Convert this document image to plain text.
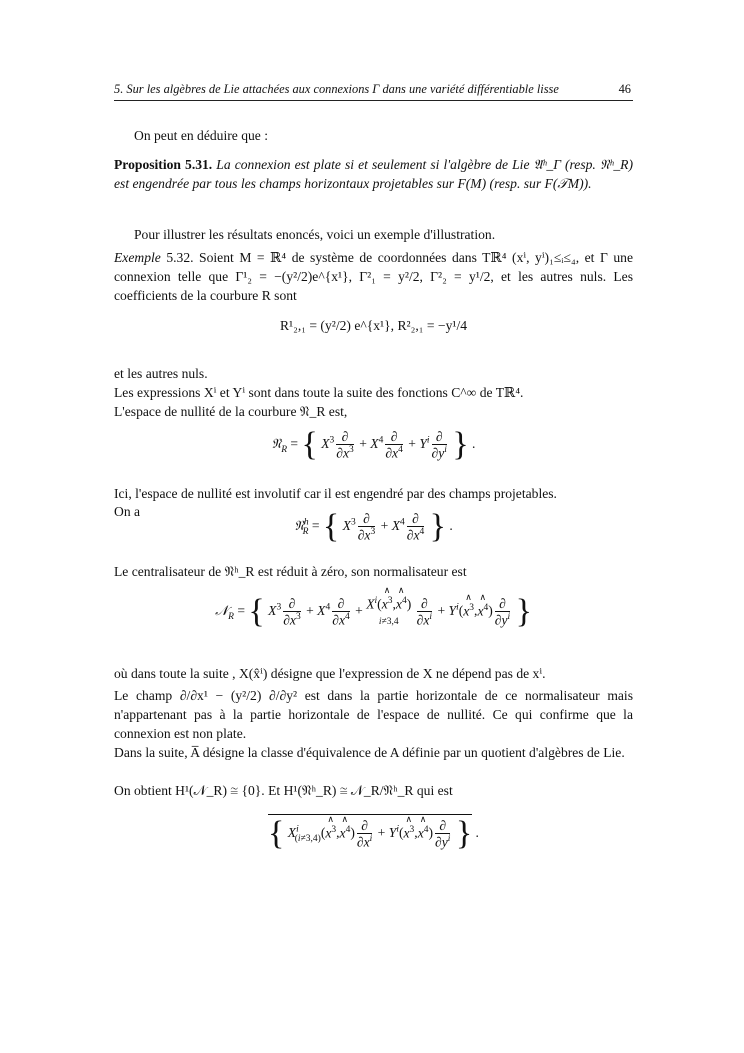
5. Sur les algèbres de Lie attachées aux connexions Γ dans une variété différentiable lisse	46
On peut en déduire que :
Proposition 5.31. La connexion est plate si et seulement si l'algèbre de Lie 𝔄ʰ_Γ (resp. 𝔑ʰ_R) est engendrée par tous les champs horizontaux projetables sur F(M) (resp. sur F(𝒯M)).
Pour illustrer les résultats enoncés, voici un exemple d'illustration.
Exemple 5.32. Soient M = ℝ⁴ de système de coordonnées dans Tℝ⁴ (xⁱ, yⁱ)₁≤ᵢ≤₄, et Γ une connexion telle que Γ¹₂ = −(y²/2)e^{x¹}, Γ²₁ = y²/2, Γ²₂ = y¹/2, et les autres nuls. Les coefficients de la courbure R sont
R¹₂,₁ = (y²/2) e^{x¹}, R²₂,₁ = −y¹/4
et les autres nuls.
Les expressions Xⁱ et Yⁱ sont dans toute la suite des fonctions C^∞ de Tℝ⁴.
L'espace de nullité de la courbure 𝔑_R est,
𝔑$_R$ = { $X^3$ ∂
$\partial x^3 + X^4$ ∂
$\partial x^4 + Y^i$ ∂
$\partial y^i$ } .
Ici, l'espace de nullité est involutif car il est engendré par des champs projetables.
On a
𝔑$^h_R$ = { $X^3$ ∂
$\partial x^3 + X^4$ ∂
$\partial x^4$ } .
Le centralisateur de 𝔑ʰ_R est réduit à zéro, son normalisateur est
𝒩$_R$ = { $X^3$ ∂
$\partial x^3 + X^4$ ∂
$\partial x^4$ + $X^i(\wedge$ $x^3,\wedge$ $x^4$)
i≠3,4
∂
$\partial x^i$ + $Y^i(\wedge$ $x^3,\wedge$ $x^4$)
∂
$\partial y^i$ }
où dans toute la suite , X(x̂ⁱ) désigne que l'expression de X ne dépend pas de xⁱ.
Le champ ∂/∂x¹ − (y²/2) ∂/∂y² est dans la partie horizontale de ce normalisateur mais n'appartenant pas à la partie horizontale de l'espace de nullité. Ce qui confirme que la connexion est non plate.
Dans la suite, A̅ désigne la classe d'équivalence de A définie par un quotient d'algèbres de Lie.
On obtient H¹(𝒩_R) ≅ {0}. Et H¹(𝔑ʰ_R) ≅ 𝒩_R/𝔑ʰ_R qui est
{ $X^i_{(i\ne 3,4)}(\wedge$ $x^3,\wedge$ $x^4$)
∂
$\partial x^i$ + $Y^i(\wedge$ $x^3,\wedge$ $x^4$)
∂
$\partial y^i$ } .
